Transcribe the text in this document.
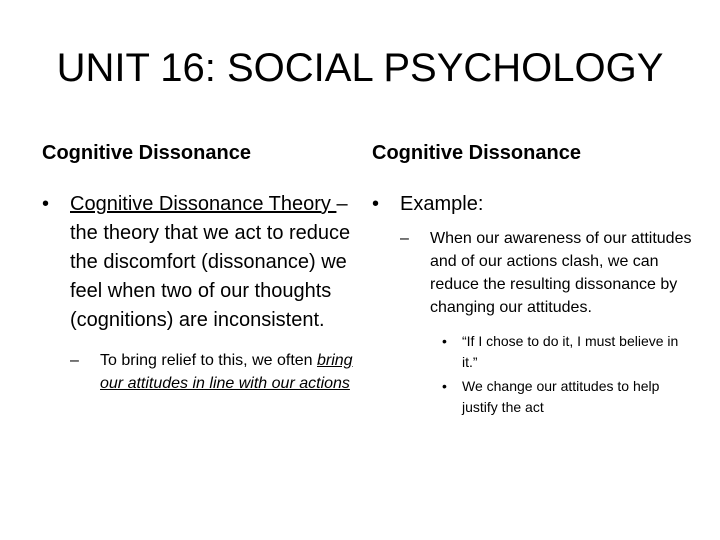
UNIT 16: SOCIAL PSYCHOLOGY
Cognitive Dissonance
• Cognitive Dissonance Theory – the theory that we act to reduce the discomfort (dissonance) we feel when two of our thoughts (cognitions) are inconsistent.
– To bring relief to this, we often bring our attitudes in line with our actions
Cognitive Dissonance
• Example:
– When our awareness of our attitudes and of our actions clash, we can reduce the resulting dissonance by changing our attitudes.
• “If I chose to do it, I must believe in it.”
• We change our attitudes to help justify the act
